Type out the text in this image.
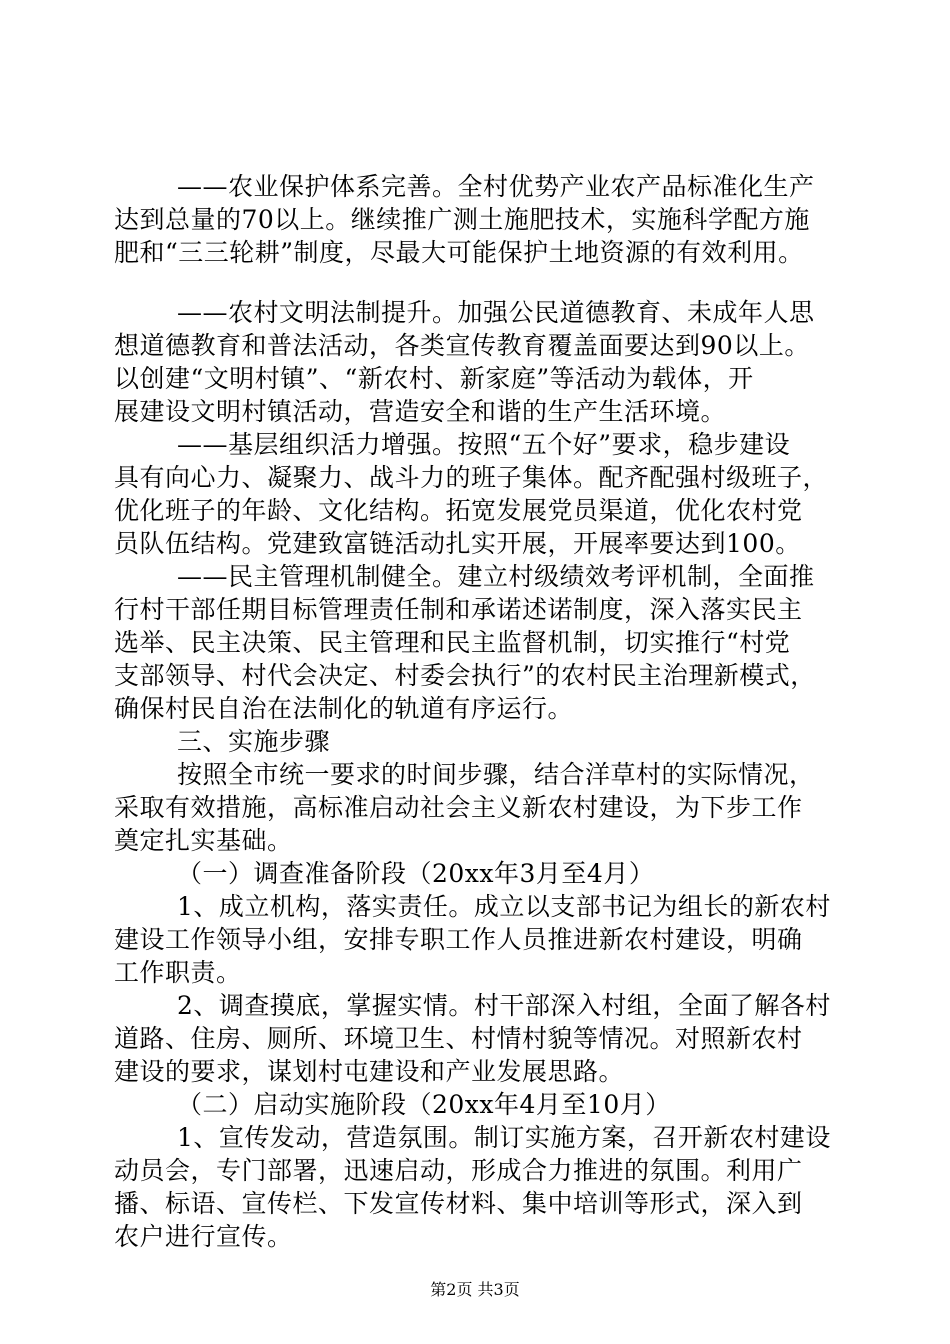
——农业保护体系完善。全村优势产业农产品标准化生产
达到总量的70以上。继续推广测土施肥技术，实施科学配方施
肥和“三三轮耕”制度，尽最大可能保护土地资源的有效利用。
——农村文明法制提升。加强公民道德教育、未成年人思
想道德教育和普法活动，各类宣传教育覆盖面要达到90以上。
以创建“文明村镇”、“新农村、新家庭”等活动为载体，开
展建设文明村镇活动，营造安全和谐的生产生活环境。
——基层组织活力增强。按照“五个好”要求，稳步建设
具有向心力、凝聚力、战斗力的班子集体。配齐配强村级班子，
优化班子的年龄、文化结构。拓宽发展党员渠道，优化农村党
员队伍结构。党建致富链活动扎实开展，开展率要达到100。
——民主管理机制健全。建立村级绩效考评机制，全面推
行村干部任期目标管理责任制和承诺述诺制度，深入落实民主
选举、民主决策、民主管理和民主监督机制，切实推行“村党
支部领导、村代会决定、村委会执行”的农村民主治理新模式，
确保村民自治在法制化的轨道有序运行。
三、实施步骤
按照全市统一要求的时间步骤，结合洋草村的实际情况，
采取有效措施，高标准启动社会主义新农村建设，为下步工作
奠定扎实基础。
（一）调查准备阶段（20xx年3月至4月）
1、成立机构，落实责任。成立以支部书记为组长的新农村
建设工作领导小组，安排专职工作人员推进新农村建设，明确
工作职责。
2、调查摸底，掌握实情。村干部深入村组，全面了解各村
道路、住房、厕所、环境卫生、村情村貌等情况。对照新农村
建设的要求，谋划村屯建设和产业发展思路。
（二）启动实施阶段（20xx年4月至10月）
1、宣传发动，营造氛围。制订实施方案，召开新农村建设
动员会，专门部署，迅速启动，形成合力推进的氛围。利用广
播、标语、宣传栏、下发宣传材料、集中培训等形式，深入到
农户进行宣传。
第2页 共3页
